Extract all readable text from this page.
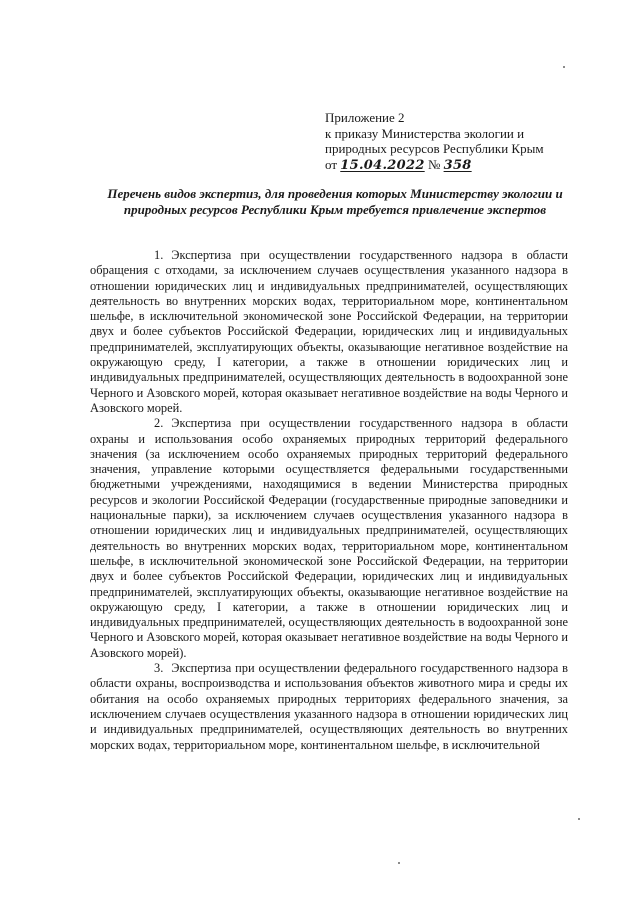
Приложение 2
к приказу Министерства экологии и
природных ресурсов Республики Крым
от 15.04.2022 № 358
Перечень видов экспертиз, для проведения которых Министерству экологии и природных ресурсов Республики Крым требуется привлечение экспертов

1. Экспертиза при осуществлении государственного надзора в области обращения с отходами, за исключением случаев осуществления указанного надзора в отношении юридических лиц и индивидуальных предпринимателей, осуществляющих деятельность во внутренних морских водах, территориальном море, континентальном шельфе, в исключительной экономической зоне Российской Федерации, на территории двух и более субъектов Российской Федерации, юридических лиц и индивидуальных предпринимателей, эксплуатирующих объекты, оказывающие негативное воздействие на окружающую среду, I категории, а также в отношении юридических лиц и индивидуальных предпринимателей, осуществляющих деятельность в водоохранной зоне Черного и Азовского морей, которая оказывает негативное воздействие на воды Черного и Азовского морей.

2. Экспертиза при осуществлении государственного надзора в области охраны и использования особо охраняемых природных территорий федерального значения (за исключением особо охраняемых природных территорий федерального значения, управление которыми осуществляется федеральными государственными бюджетными учреждениями, находящимися в ведении Министерства природных ресурсов и экологии Российской Федерации (государственные природные заповедники и национальные парки), за исключением случаев осуществления указанного надзора в отношении юридических лиц и индивидуальных предпринимателей, осуществляющих деятельность во внутренних морских водах, территориальном море, континентальном шельфе, в исключительной экономической зоне Российской Федерации, на территории двух и более субъектов Российской Федерации, юридических лиц и индивидуальных предпринимателей, эксплуатирующих объекты, оказывающие негативное воздействие на окружающую среду, I категории, а также в отношении юридических лиц и индивидуальных предпринимателей, осуществляющих деятельность в водоохранной зоне Черного и Азовского морей, которая оказывает негативное воздействие на воды Черного и Азовского морей).

3. Экспертиза при осуществлении федерального государственного надзора в области охраны, воспроизводства и использования объектов животного мира и среды их обитания на особо охраняемых природных территориях федерального значения, за исключением случаев осуществления указанного надзора в отношении юридических лиц и индивидуальных предпринимателей, осуществляющих деятельность во внутренних морских водах, территориальном море, континентальном шельфе, в исключительной
